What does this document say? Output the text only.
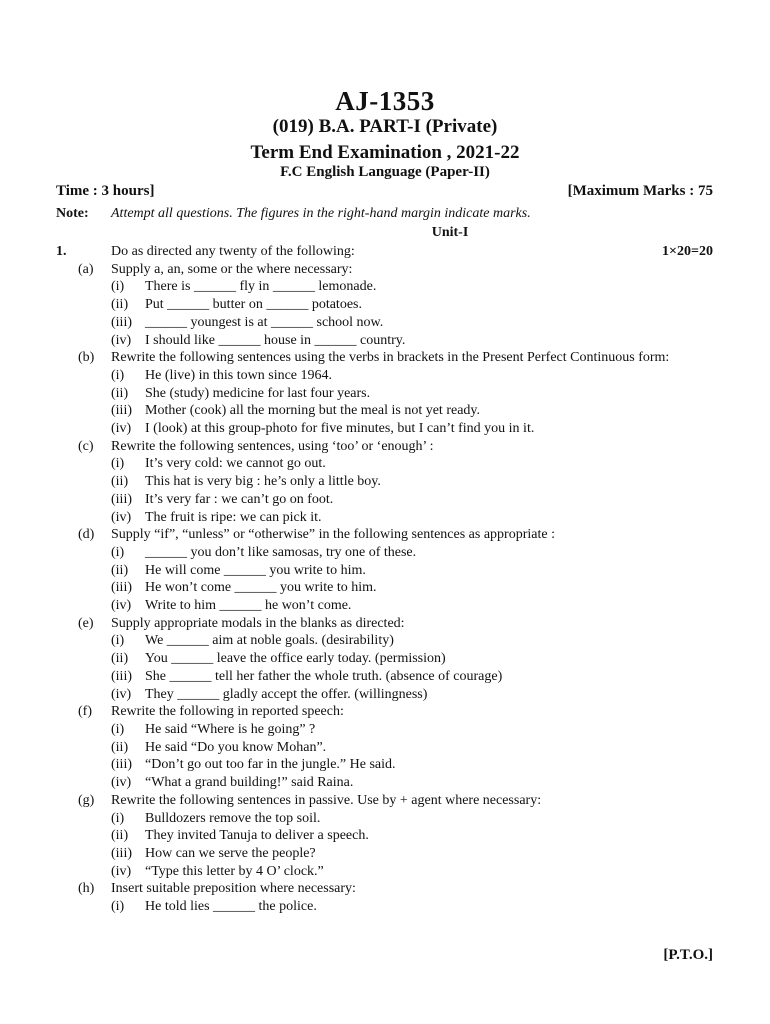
AJ-1353
(019) B.A. PART-I (Private)
Term End Examination , 2021-22
F.C English Language (Paper-II)
Time : 3 hours]	[Maximum Marks : 75
Note: Attempt all questions. The figures in the right-hand margin indicate marks.
Unit-I
1.	Do as directed any twenty of the following:	1×20=20
(a) Supply a, an, some or the where necessary:
(i) There is ______ fly in ______ lemonade.
(ii) Put ______ butter on ______ potatoes.
(iii) ______ youngest is at ______ school now.
(iv) I should like ______ house in ______ country.
(b) Rewrite the following sentences using the verbs in brackets in the Present Perfect Continuous form:
(i) He (live) in this town since 1964.
(ii) She (study) medicine for last four years.
(iii) Mother (cook) all the morning but the meal is not yet ready.
(iv) I (look) at this group-photo for five minutes, but I can’t find you in it.
(c) Rewrite the following sentences, using ‘too’ or ‘enough’ :
(i) It’s very cold: we cannot go out.
(ii) This hat is very big : he’s only a little boy.
(iii) It’s very far : we can’t go on foot.
(iv) The fruit is ripe: we can pick it.
(d) Supply “if”, “unless” or “otherwise” in the following sentences as appropriate :
(i) ______ you don’t like samosas, try one of these.
(ii) He will come ______ you write to him.
(iii) He won’t come ______ you write to him.
(iv) Write to him ______ he won’t come.
(e) Supply appropriate modals in the blanks as directed:
(i) We ______ aim at noble goals. (desirability)
(ii) You ______ leave the office early today. (permission)
(iii) She ______ tell her father the whole truth. (absence of courage)
(iv) They ______ gladly accept the offer. (willingness)
(f) Rewrite the following in reported speech:
(i) He said “Where is he going” ?
(ii) He said “Do you know Mohan”.
(iii) “Don’t go out too far in the jungle.” He said.
(iv) “What a grand building!” said Raina.
(g) Rewrite the following sentences in passive. Use by + agent where necessary:
(i) Bulldozers remove the top soil.
(ii) They invited Tanuja to deliver a speech.
(iii) How can we serve the people?
(iv) “Type this letter by 4 O’ clock.”
(h) Insert suitable preposition where necessary:
(i) He told lies ______ the police.
[P.T.O.]
